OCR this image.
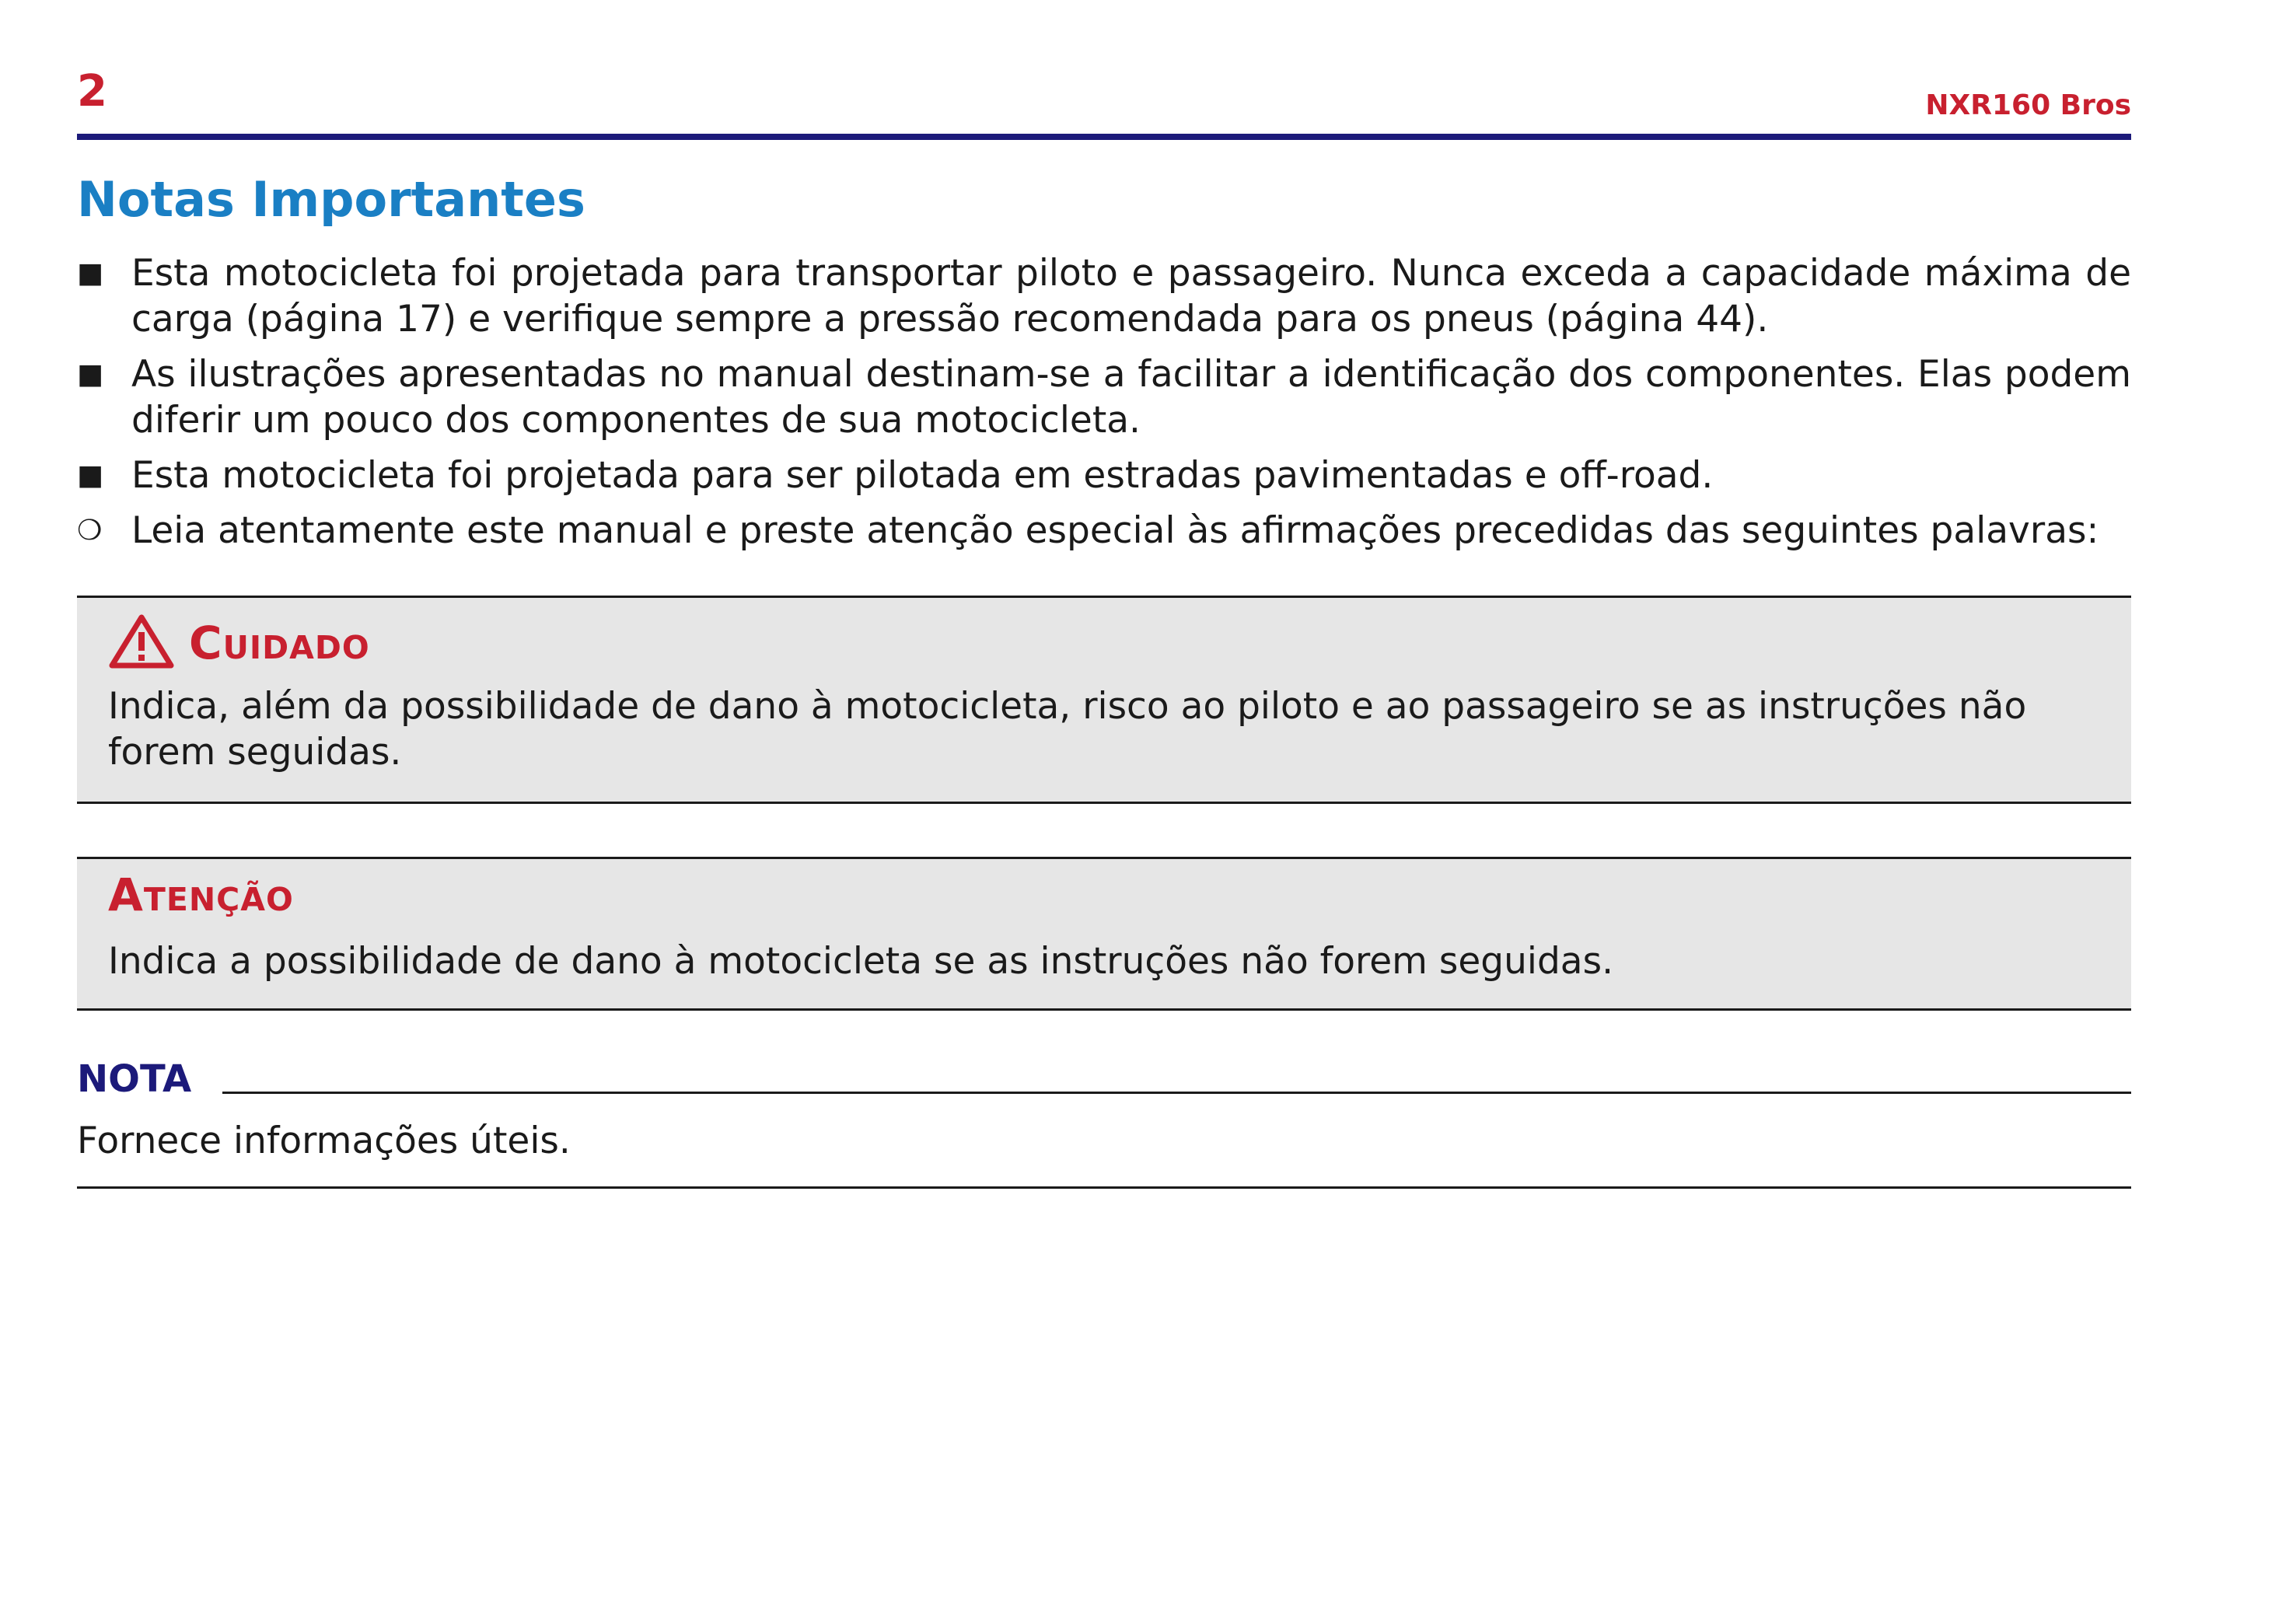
2	NXR160 Bros
Notas Importantes
■ Esta motocicleta foi projetada para transportar piloto e passageiro. Nunca exceda a capacidade máxima de carga (página 17) e verifique sempre a pressão recomendada para os pneus (página 44).
■ As ilustrações apresentadas no manual destinam-se a facilitar a identificação dos componentes. Elas podem diferir um pouco dos componentes de sua motocicleta.
■ Esta motocicleta foi projetada para ser pilotada em estradas pavimentadas e off-road.
❍ Leia atentamente este manual e preste atenção especial às afirmações precedidas das seguintes palavras:
Cuidado
Indica, além da possibilidade de dano à motocicleta, risco ao piloto e ao passageiro se as instruções não forem seguidas.
Atenção
Indica a possibilidade de dano à motocicleta se as instruções não forem seguidas.
NOTA
Fornece informações úteis.
